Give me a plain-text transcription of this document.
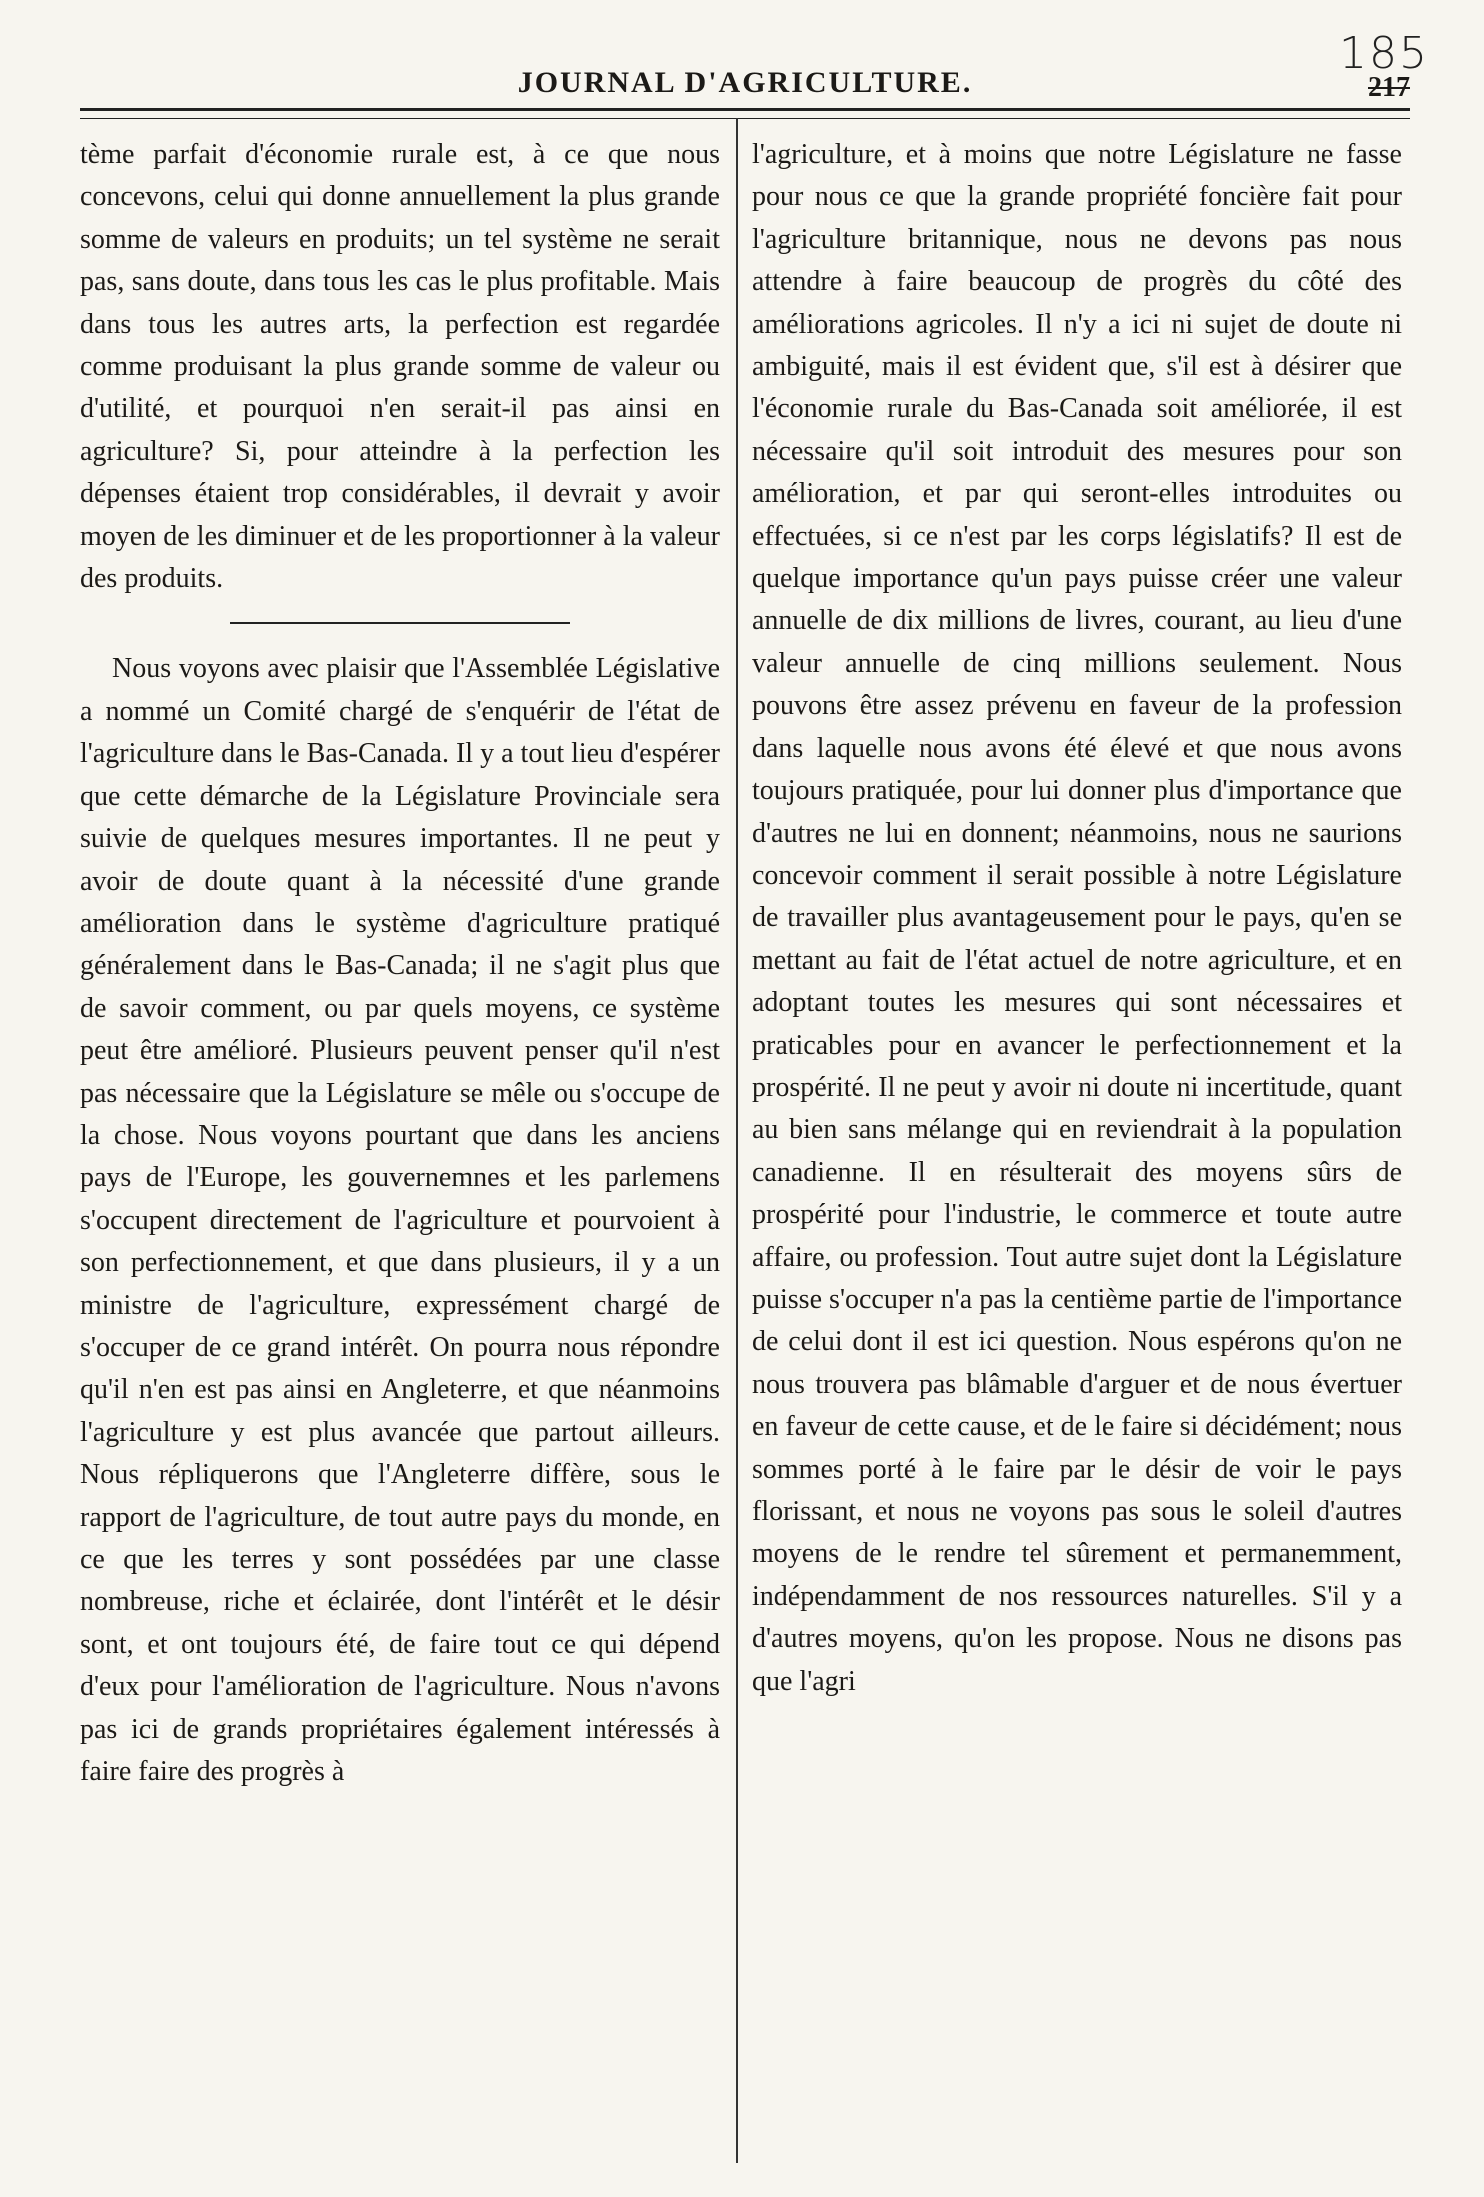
185
JOURNAL D'AGRICULTURE.	217

tème parfait d'économie rurale est, à ce que nous concevons, celui qui donne annuellement la plus grande somme de valeurs en produits; un tel système ne serait pas, sans doute, dans tous les cas le plus profitable. Mais dans tous les autres arts, la perfection est regardée comme produisant la plus grande somme de valeur ou d'utilité, et pourquoi n'en serait-il pas ainsi en agriculture? Si, pour atteindre à la perfection les dépenses étaient trop considérables, il devrait y avoir moyen de les diminuer et de les proportionner à la valeur des produits.

Nous voyons avec plaisir que l'Assemblée Législative a nommé un Comité chargé de s'enquérir de l'état de l'agriculture dans le Bas-Canada. Il y a tout lieu d'espérer que cette démarche de la Législature Provinciale sera suivie de quelques mesures importantes. Il ne peut y avoir de doute quant à la nécessité d'une grande amélioration dans le système d'agriculture pratiqué généralement dans le Bas-Canada; il ne s'agit plus que de savoir comment, ou par quels moyens, ce système peut être amélioré. Plusieurs peuvent penser qu'il n'est pas nécessaire que la Législature se mêle ou s'occupe de la chose. Nous voyons pourtant que dans les anciens pays de l'Europe, les gouvernemnes et les parlemens s'occupent directement de l'agriculture et pourvoient à son perfectionnement, et que dans plusieurs, il y a un ministre de l'agriculture, expressément chargé de s'occuper de ce grand intérêt. On pourra nous répondre qu'il n'en est pas ainsi en Angleterre, et que néanmoins l'agriculture y est plus avancée que partout ailleurs. Nous répliquerons que l'Angleterre diffère, sous le rapport de l'agriculture, de tout autre pays du monde, en ce que les terres y sont possédées par une classe nombreuse, riche et éclairée, dont l'intérêt et le désir sont, et ont toujours été, de faire tout ce qui dépend d'eux pour l'amélioration de l'agriculture. Nous n'avons pas ici de grands propriétaires également intéressés à faire faire des progrès à

l'agriculture, et à moins que notre Législature ne fasse pour nous ce que la grande propriété foncière fait pour l'agriculture britannique, nous ne devons pas nous attendre à faire beaucoup de progrès du côté des améliorations agricoles. Il n'y a ici ni sujet de doute ni ambiguité, mais il est évident que, s'il est à désirer que l'économie rurale du Bas-Canada soit améliorée, il est nécessaire qu'il soit introduit des mesures pour son amélioration, et par qui seront-elles introduites ou effectuées, si ce n'est par les corps législatifs? Il est de quelque importance qu'un pays puisse créer une valeur annuelle de dix millions de livres, courant, au lieu d'une valeur annuelle de cinq millions seulement. Nous pouvons être assez prévenu en faveur de la profession dans laquelle nous avons été élevé et que nous avons toujours pratiquée, pour lui donner plus d'importance que d'autres ne lui en donnent; néanmoins, nous ne saurions concevoir comment il serait possible à notre Législature de travailler plus avantageusement pour le pays, qu'en se mettant au fait de l'état actuel de notre agriculture, et en adoptant toutes les mesures qui sont nécessaires et praticables pour en avancer le perfectionnement et la prospérité. Il ne peut y avoir ni doute ni incertitude, quant au bien sans mélange qui en reviendrait à la population canadienne. Il en résulterait des moyens sûrs de prospérité pour l'industrie, le commerce et toute autre affaire, ou profession. Tout autre sujet dont la Législature puisse s'occuper n'a pas la centième partie de l'importance de celui dont il est ici question. Nous espérons qu'on ne nous trouvera pas blâmable d'arguer et de nous évertuer en faveur de cette cause, et de le faire si décidément; nous sommes porté à le faire par le désir de voir le pays florissant, et nous ne voyons pas sous le soleil d'autres moyens de le rendre tel sûrement et permanemment, indépendamment de nos ressources naturelles. S'il y a d'autres moyens, qu'on les propose. Nous ne disons pas que l'agri
